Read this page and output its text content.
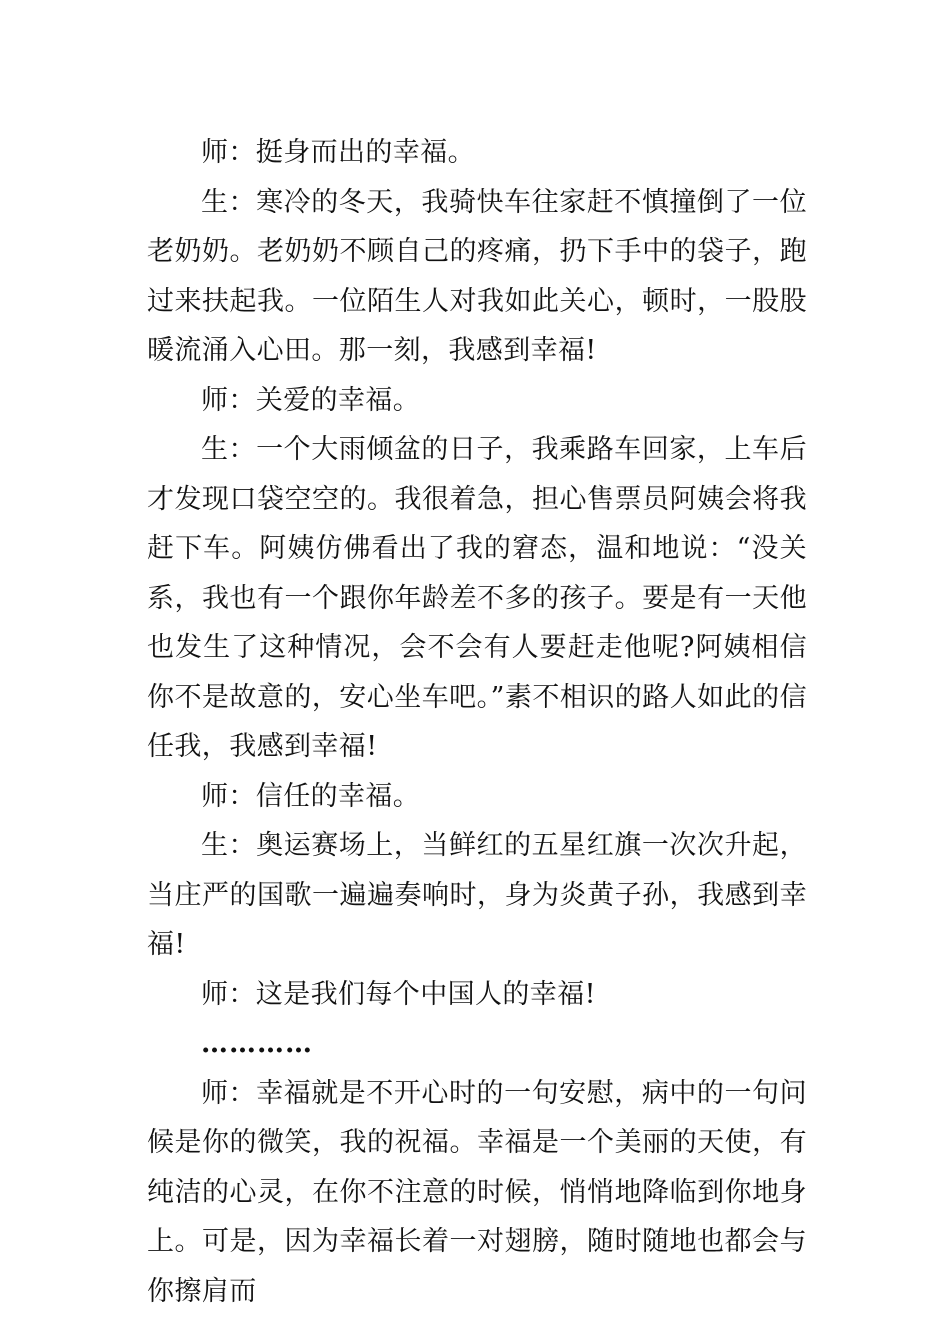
师：挺身而出的幸福。

生：寒冷的冬天，我骑快车往家赶不慎撞倒了一位老奶奶。老奶奶不顾自己的疼痛，扔下手中的袋子，跑过来扶起我。一位陌生人对我如此关心，顿时，一股股暖流涌入心田。那一刻，我感到幸福!

师：关爱的幸福。

生：一个大雨倾盆的日子，我乘路车回家，上车后才发现口袋空空的。我很着急，担心售票员阿姨会将我赶下车。阿姨仿佛看出了我的窘态，温和地说：“没关系，我也有一个跟你年龄差不多的孩子。要是有一天他也发生了这种情况，会不会有人要赶走他呢?阿姨相信你不是故意的，安心坐车吧。”素不相识的路人如此的信任我，我感到幸福!

师：信任的幸福。

生：奥运赛场上，当鲜红的五星红旗一次次升起，当庄严的国歌一遍遍奏响时，身为炎黄子孙，我感到幸福!

师：这是我们每个中国人的幸福!

…………

师：幸福就是不开心时的一句安慰，病中的一句问候是你的微笑，我的祝福。幸福是一个美丽的天使，有纯洁的心灵，在你不注意的时候，悄悄地降临到你地身上。可是，因为幸福长着一对翅膀，随时随地也都会与你擦肩而
